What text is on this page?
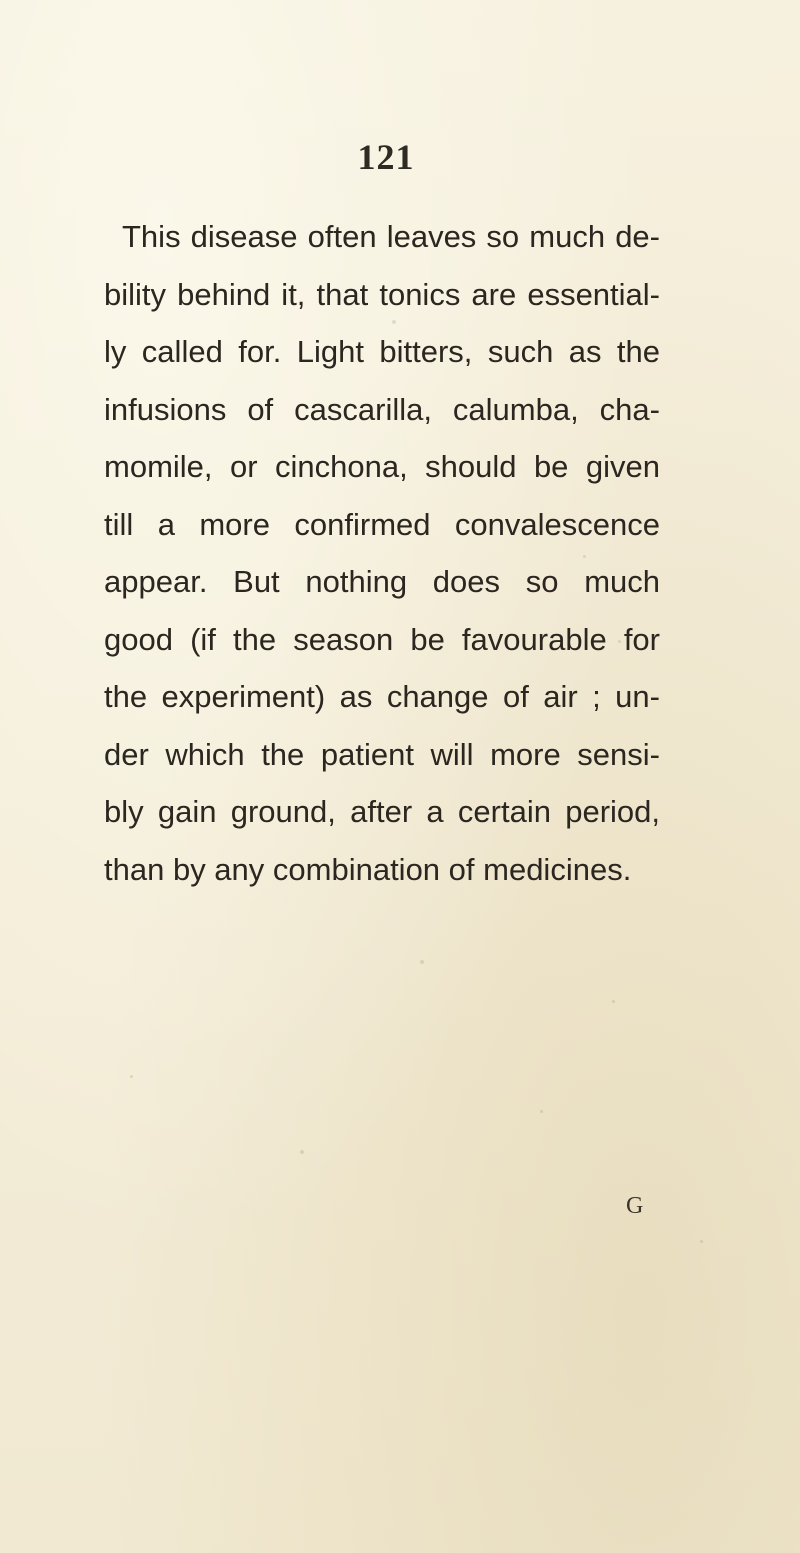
121
This disease often leaves so much de-
bility behind it, that tonics are essential-
ly called for. Light bitters, such as the
infusions of cascarilla, calumba, cha-
momile, or cinchona, should be given
till a more confirmed convalescence
appear. But nothing does so much
good (if the season be favourable for
the experiment) as change of air ; un-
der which the patient will more sensi-
bly gain ground, after a certain period,
than by any combination of medicines.
G
